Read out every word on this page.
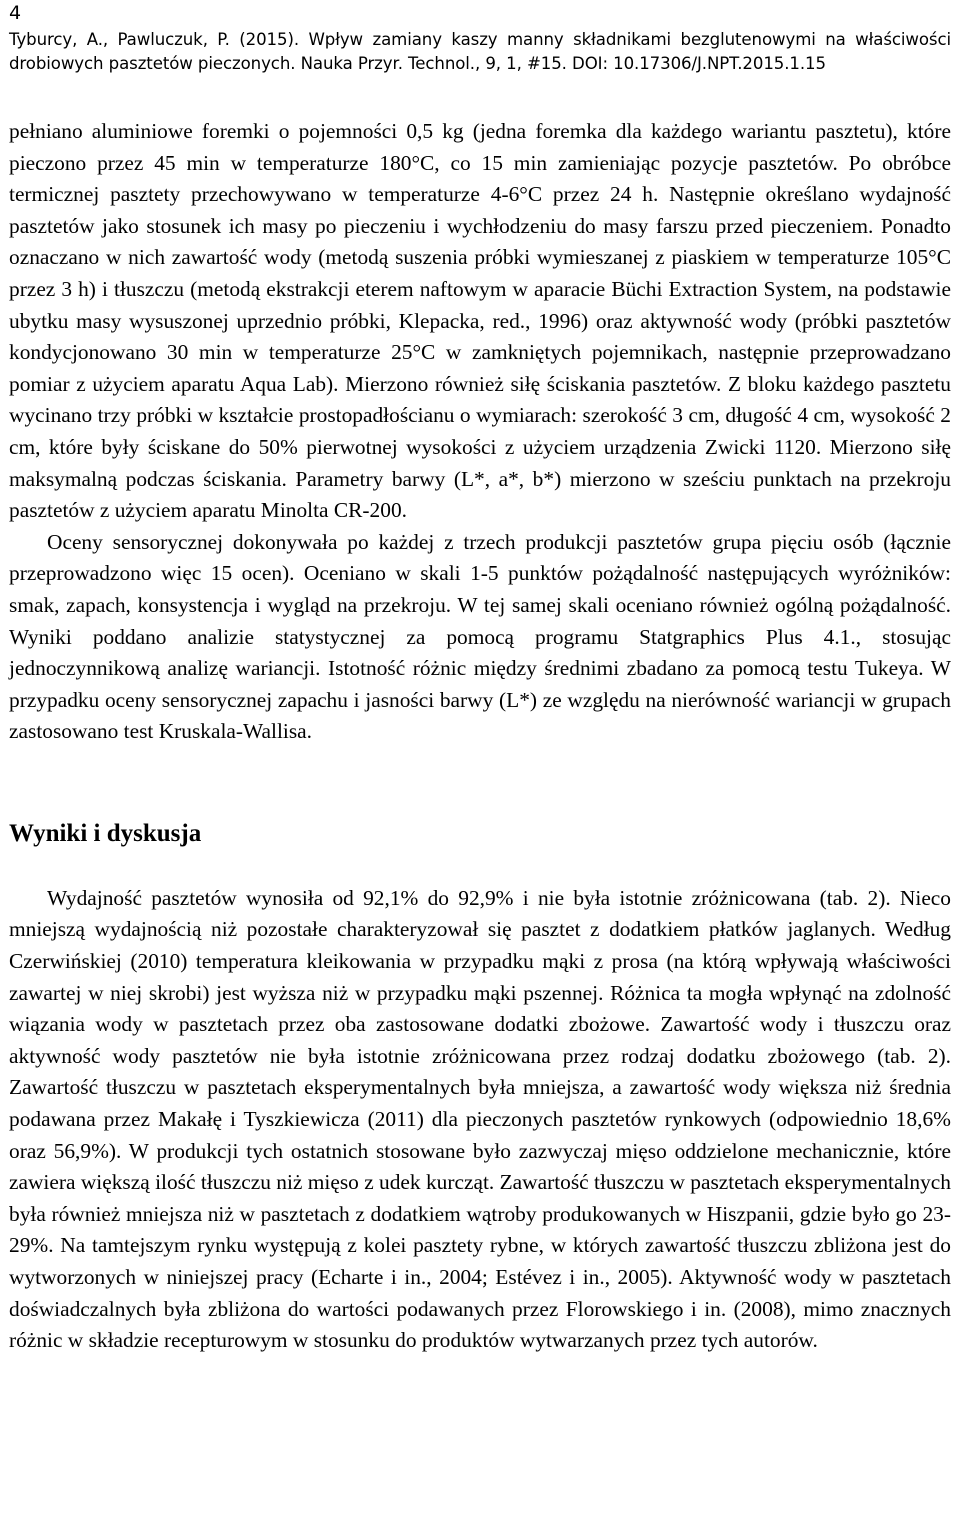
4

Tyburcy, A., Pawluczuk, P. (2015). Wpływ zamiany kaszy manny składnikami bezglutenowymi na właściwości drobiowych pasztetów pieczonych. Nauka Przyr. Technol., 9, 1, #15. DOI: 10.17306/J.NPT.2015.1.15

pełniano aluminiowe foremki o pojemności 0,5 kg (jedna foremka dla każdego wariantu pasztetu), które pieczono przez 45 min w temperaturze 180°C, co 15 min zamieniając pozycje pasztetów. Po obróbce termicznej pasztety przechowywano w temperaturze 4-6°C przez 24 h. Następnie określano wydajność pasztetów jako stosunek ich masy po pieczeniu i wychłodzeniu do masy farszu przed pieczeniem. Ponadto oznaczano w nich zawartość wody (metodą suszenia próbki wymieszanej z piaskiem w temperaturze 105°C przez 3 h) i tłuszczu (metodą ekstrakcji eterem naftowym w aparacie Büchi Extraction System, na podstawie ubytku masy wysuszonej uprzednio próbki, Klepacka, red., 1996) oraz aktywność wody (próbki pasztetów kondycjonowano 30 min w temperaturze 25°C w zamkniętych pojemnikach, następnie przeprowadzano pomiar z użyciem aparatu Aqua Lab). Mierzono również siłę ściskania pasztetów. Z bloku każdego pasztetu wycinano trzy próbki w kształcie prostopadłościanu o wymiarach: szerokość 3 cm, długość 4 cm, wysokość 2 cm, które były ściskane do 50% pierwotnej wysokości z użyciem urządzenia Zwicki 1120. Mierzono siłę maksymalną podczas ściskania. Parametry barwy (L*, a*, b*) mierzono w sześciu punktach na przekroju pasztetów z użyciem aparatu Minolta CR-200.

Oceny sensorycznej dokonywała po każdej z trzech produkcji pasztetów grupa pięciu osób (łącznie przeprowadzono więc 15 ocen). Oceniano w skali 1-5 punktów pożądalność następujących wyróżników: smak, zapach, konsystencja i wygląd na przekroju. W tej samej skali oceniano również ogólną pożądalność. Wyniki poddano analizie statystycznej za pomocą programu Statgraphics Plus 4.1., stosując jednoczynnikową analizę wariancji. Istotność różnic między średnimi zbadano za pomocą testu Tukeya. W przypadku oceny sensorycznej zapachu i jasności barwy (L*) ze względu na nierówność wariancji w grupach zastosowano test Kruskala-Wallisa.

Wyniki i dyskusja

Wydajność pasztetów wynosiła od 92,1% do 92,9% i nie była istotnie zróżnicowana (tab. 2). Nieco mniejszą wydajnością niż pozostałe charakteryzował się pasztet z dodatkiem płatków jaglanych. Według Czerwińskiej (2010) temperatura kleikowania w przypadku mąki z prosa (na którą wpływają właściwości zawartej w niej skrobi) jest wyższa niż w przypadku mąki pszennej. Różnica ta mogła wpłynąć na zdolność wiązania wody w pasztetach przez oba zastosowane dodatki zbożowe. Zawartość wody i tłuszczu oraz aktywność wody pasztetów nie była istotnie zróżnicowana przez rodzaj dodatku zbożowego (tab. 2). Zawartość tłuszczu w pasztetach eksperymentalnych była mniejsza, a zawartość wody większa niż średnia podawana przez Makałę i Tyszkiewicza (2011) dla pieczonych pasztetów rynkowych (odpowiednio 18,6% oraz 56,9%). W produkcji tych ostatnich stosowane było zazwyczaj mięso oddzielone mechanicznie, które zawiera większą ilość tłuszczu niż mięso z udek kurcząt. Zawartość tłuszczu w pasztetach eksperymentalnych była również mniejsza niż w pasztetach z dodatkiem wątroby produkowanych w Hiszpanii, gdzie było go 23-29%. Na tamtejszym rynku występują z kolei pasztety rybne, w których zawartość tłuszczu zbliżona jest do wytworzonych w niniejszej pracy (Echarte i in., 2004; Estévez i in., 2005). Aktywność wody w pasztetach doświadczalnych była zbliżona do wartości podawanych przez Florowskiego i in. (2008), mimo znacznych różnic w składzie recepturowym w stosunku do produktów wytwarzanych przez tych autorów.
